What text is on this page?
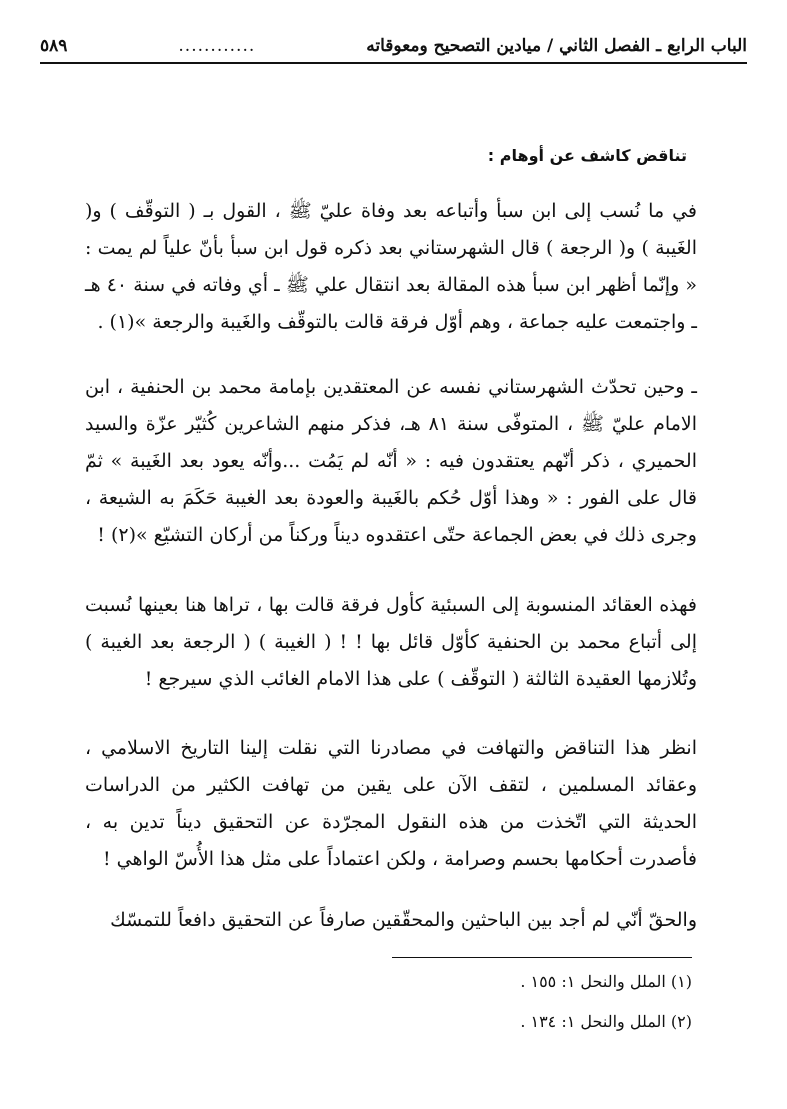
الباب الرابع ـ الفصل الثاني / ميادين التصحيح ومعوقاته
............
٥٨٩
تناقض كاشف عن أوهام :

في ما نُسب إلى ابن سبأ وأتباعه بعد وفاة عليّ ﷺ ، القول بـ ( التوقّف ) و( الغَيبة ) و( الرجعة ) قال الشهرستاني بعد ذكره قول ابن سبأ بأنّ علياً لم يمت : « وإنّما أظهر ابن سبأ هذه المقالة بعد انتقال علي ﷺ ـ أي وفاته في سنة ٤٠ هـ ـ واجتمعت عليه جماعة ، وهم أوّل فرقة قالت بالتوقّف والغَيبة والرجعة »(١) .

ـ وحين تحدّث الشهرستاني نفسه عن المعتقدين بإمامة محمد بن الحنفية ، ابن الامام عليّ ﷺ ، المتوفّى سنة ٨١ هـ، فذكر منهم الشاعرين كُثيّر عزّة والسيد الحميري ، ذكر أنّهم يعتقدون فيه : « أنّه لم يَمُت ...وأنّه يعود بعد الغَيبة » ثمّ قال على الفور : « وهذا أوّل حُكم بالغَيبة والعودة بعد الغيبة حَكَمَ به الشيعة ، وجرى ذلك في بعض الجماعة حتّى اعتقدوه ديناً وركناً من أركان التشيّع »(٢) !

فهذه العقائد المنسوبة إلى السبئية كأول فرقة قالت بها ، تراها هنا بعينها نُسبت إلى أتباع محمد بن الحنفية كأوّل قائل بها ! ! ( الغيبة ) ( الرجعة بعد الغيبة ) وتُلازمها العقيدة الثالثة ( التوقّف ) على هذا الامام الغائب الذي سيرجع !

انظر هذا التناقض والتهافت في مصادرنا التي نقلت إلينا التاريخ الاسلامي ، وعقائد المسلمين ، لتقف الآن على يقين من تهافت الكثير من الدراسات الحديثة التي اتّخذت من هذه النقول المجرّدة عن التحقيق ديناً تدين به ، فأصدرت أحكامها بحسم وصرامة ، ولكن اعتماداً على مثل هذا الأُسّ الواهي !

والحقّ أنّي لم أجد بين الباحثين والمحقّقين صارفاً عن التحقيق دافعاً للتمسّك

(١) الملل والنحل ١: ١٥٥ .
(٢) الملل والنحل ١: ١٣٤ .
